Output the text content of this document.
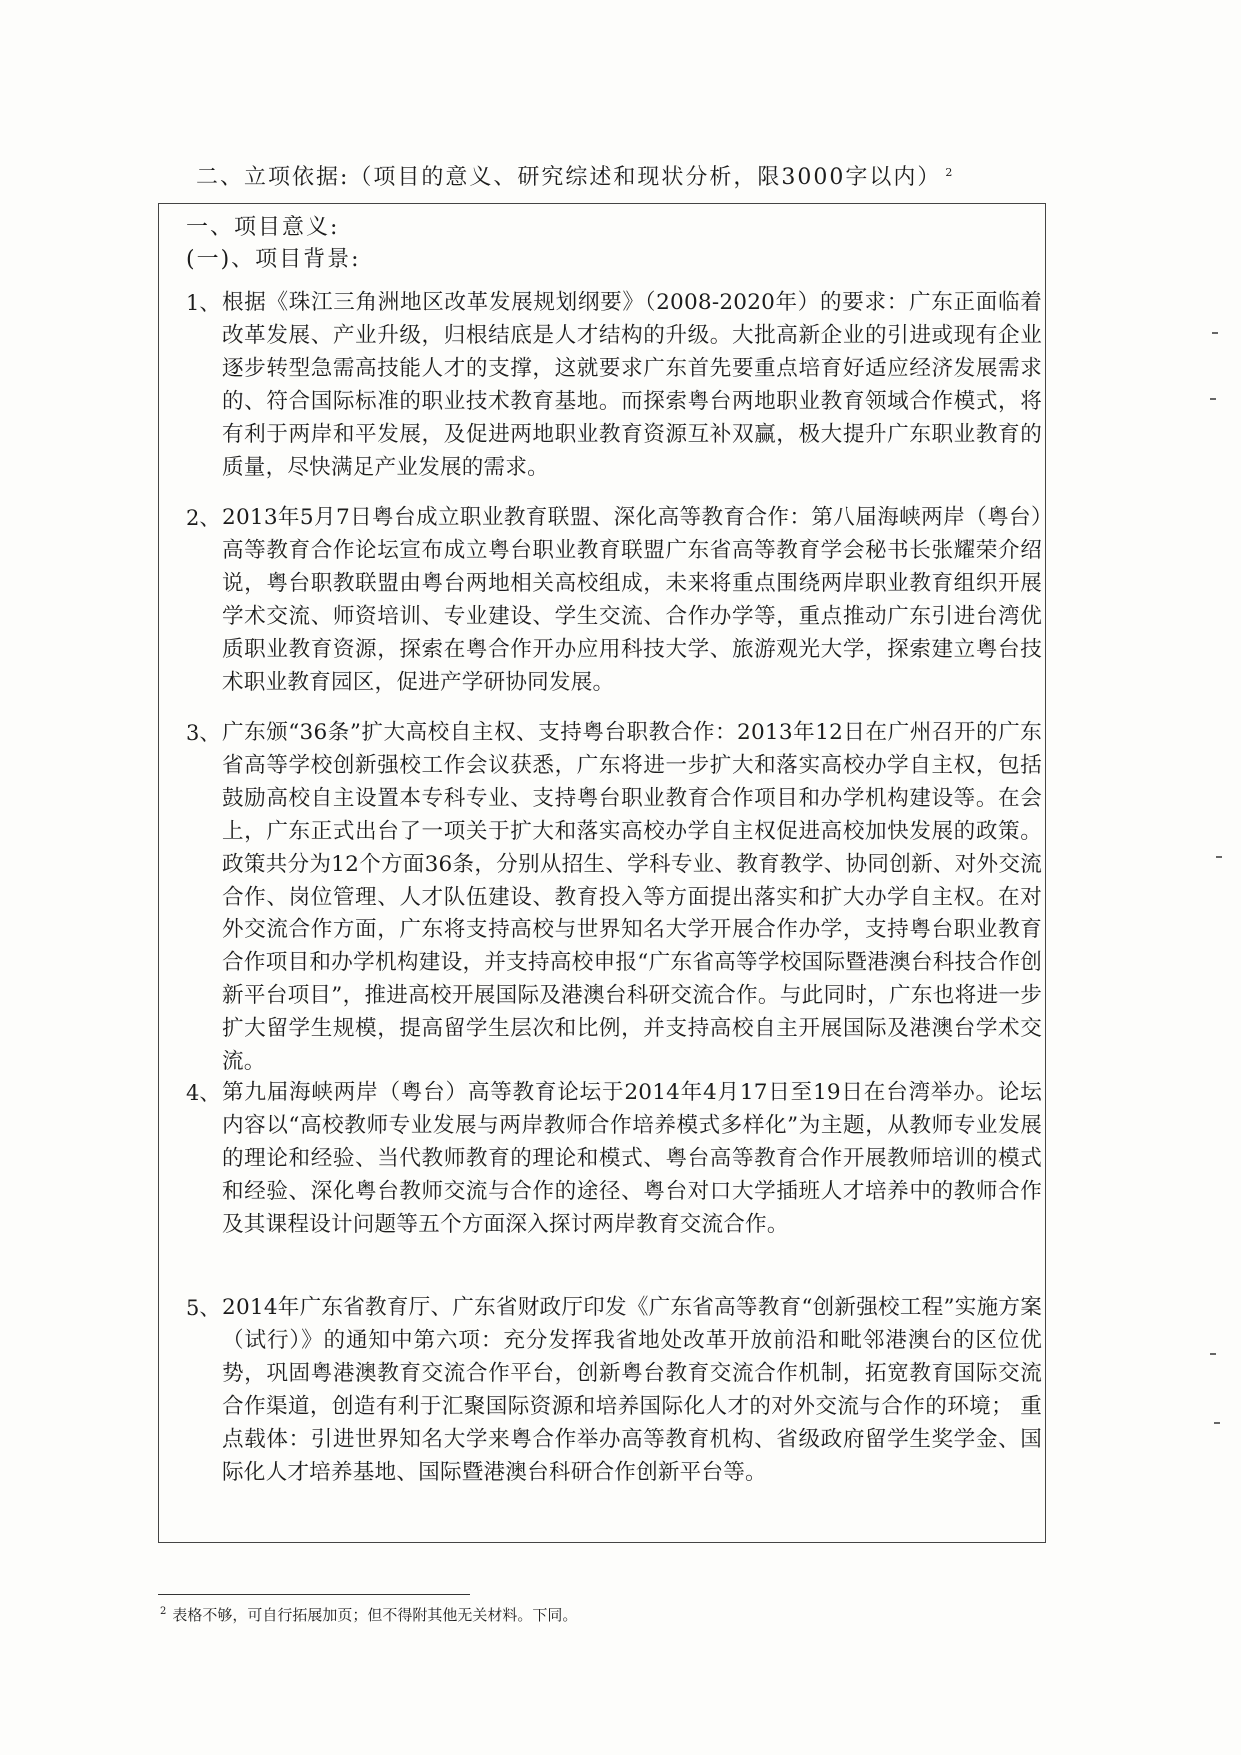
二、立项依据:（项目的意义、研究综述和现状分析，限3000字以内） $^2$
一、项目意义:
(一)、项目背景:
1、 根据《珠江三角洲地区改革发展规划纲要》（2008-2020年）的要求：广东正面临着改革发展、产业升级，归根结底是人才结构的升级。大批高新企业的引进或现有企业逐步转型急需高技能人才的支撑，这就要求广东首先要重点培育好适应经济发展需求的、符合国际标准的职业技术教育基地。而探索粤台两地职业教育领域合作模式，将有利于两岸和平发展，及促进两地职业教育资源互补双赢，极大提升广东职业教育的质量，尽快满足产业发展的需求。
2、 2013年5月7日粤台成立职业教育联盟、深化高等教育合作：第八届海峡两岸（粤台）高等教育合作论坛宣布成立粤台职业教育联盟广东省高等教育学会秘书长张耀荣介绍说，粤台职教联盟由粤台两地相关高校组成，未来将重点围绕两岸职业教育组织开展学术交流、师资培训、专业建设、学生交流、合作办学等，重点推动广东引进台湾优质职业教育资源，探索在粤合作开办应用科技大学、旅游观光大学，探索建立粤台技术职业教育园区，促进产学研协同发展。
3、 广东颁“36条”扩大高校自主权、支持粤台职教合作：2013年12日在广州召开的广东省高等学校创新强校工作会议获悉，广东将进一步扩大和落实高校办学自主权，包括鼓励高校自主设置本专科专业、支持粤台职业教育合作项目和办学机构建设等。在会上，广东正式出台了一项关于扩大和落实高校办学自主权促进高校加快发展的政策。政策共分为12个方面36条，分别从招生、学科专业、教育教学、协同创新、对外交流合作、岗位管理、人才队伍建设、教育投入等方面提出落实和扩大办学自主权。在对外交流合作方面，广东将支持高校与世界知名大学开展合作办学，支持粤台职业教育合作项目和办学机构建设，并支持高校申报“广东省高等学校国际暨港澳台科技合作创新平台项目”，推进高校开展国际及港澳台科研交流合作。与此同时，广东也将进一步扩大留学生规模，提高留学生层次和比例，并支持高校自主开展国际及港澳台学术交流。
4、 第九届海峡两岸（粤台）高等教育论坛于2014年4月17日至19日在台湾举办。论坛内容以“高校教师专业发展与两岸教师合作培养模式多样化”为主题，从教师专业发展的理论和经验、当代教师教育的理论和模式、粤台高等教育合作开展教师培训的模式和经验、深化粤台教师交流与合作的途径、粤台对口大学插班人才培养中的教师合作及其课程设计问题等五个方面深入探讨两岸教育交流合作。
5、 2014年广东省教育厅、广东省财政厅印发《广东省高等教育“创新强校工程”实施方案（试行）》的通知中第六项：充分发挥我省地处改革开放前沿和毗邻港澳台的区位优势，巩固粤港澳教育交流合作平台，创新粤台教育交流合作机制，拓宽教育国际交流合作渠道，创造有利于汇聚国际资源和培养国际化人才的对外交流与合作的环境； 重点载体：引进世界知名大学来粤合作举办高等教育机构、省级政府留学生奖学金、国际化人才培养基地、国际暨港澳台科研合作创新平台等。
$^2$ 表格不够，可自行拓展加页；但不得附其他无关材料。下同。
